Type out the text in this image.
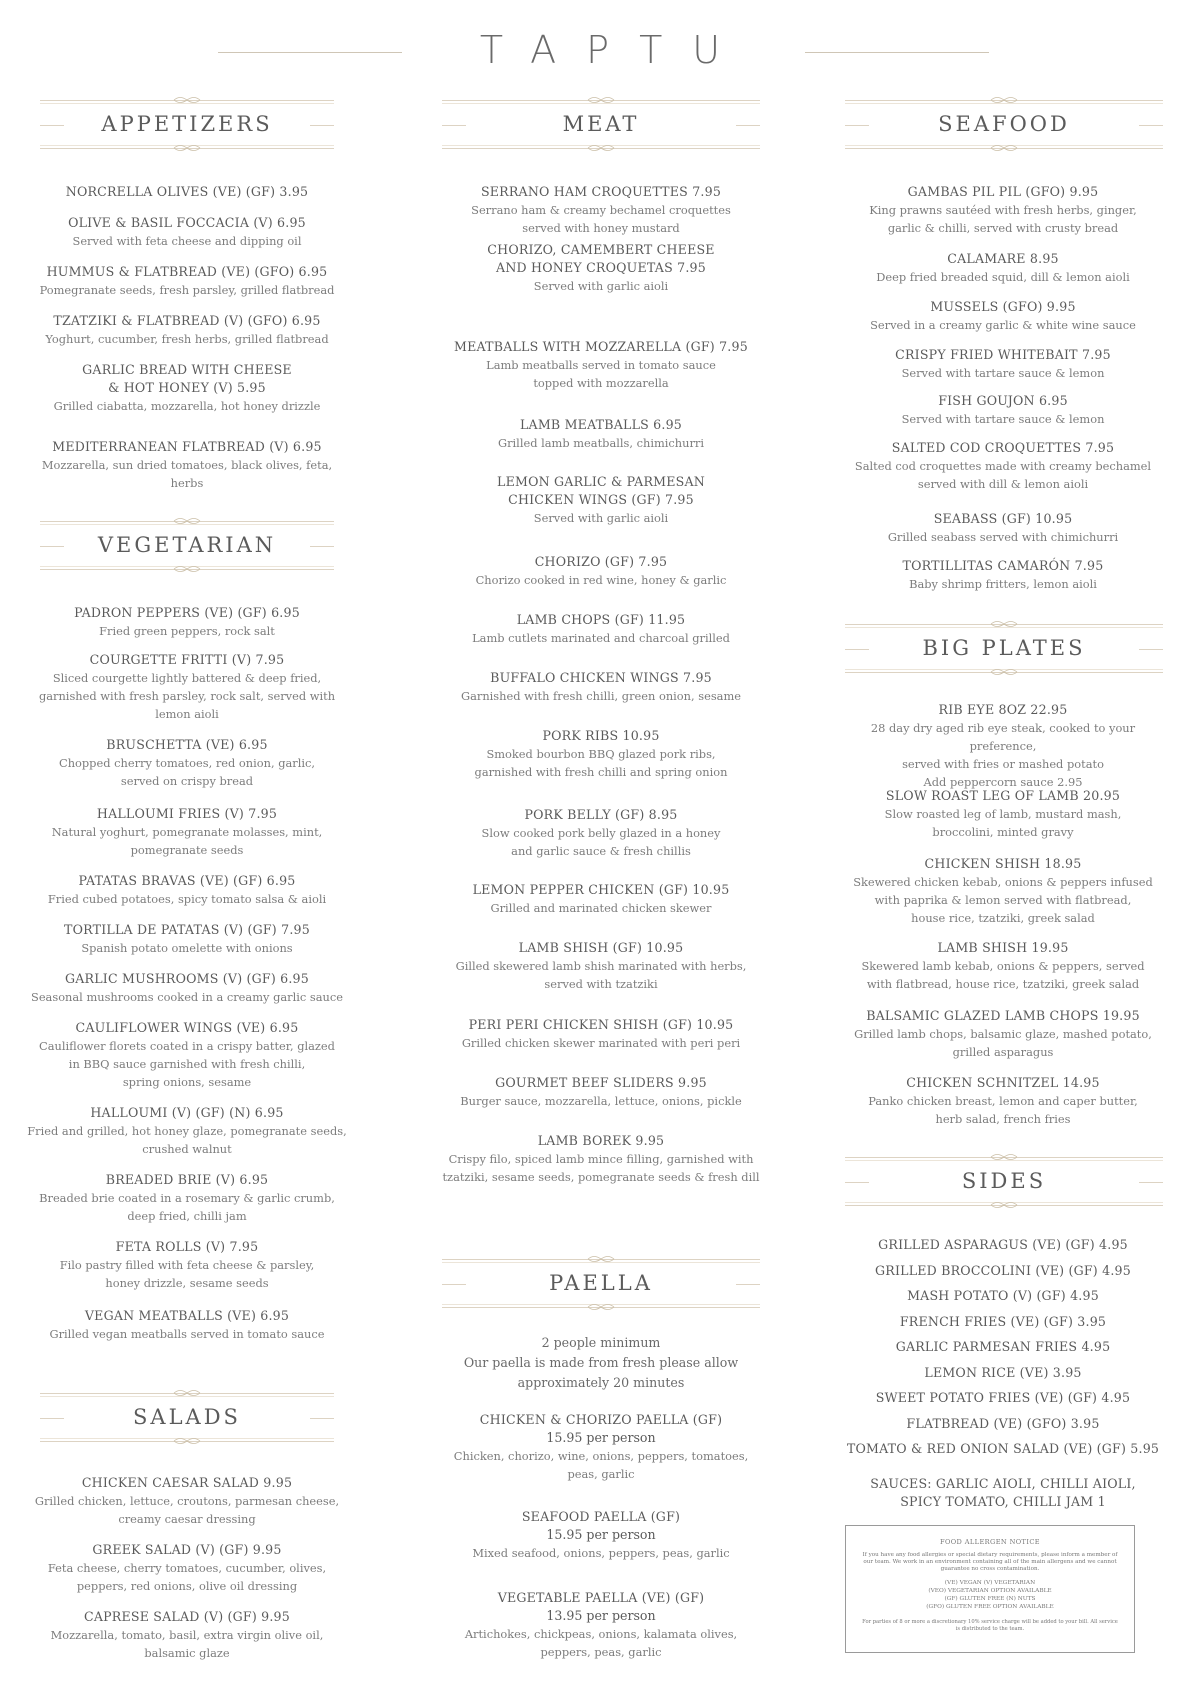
TAPTU
APPETIZERS
NORCRELLA OLIVES (VE) (GF) 3.95
OLIVE & BASIL FOCCACIA (V) 6.95
Served with feta cheese and dipping oil
HUMMUS & FLATBREAD (VE) (GFO) 6.95
Pomegranate seeds, fresh parsley, grilled flatbread
TZATZIKI & FLATBREAD (V) (GFO) 6.95
Yoghurt, cucumber, fresh herbs, grilled flatbread
GARLIC BREAD WITH CHEESE
& HOT HONEY (V) 5.95
Grilled ciabatta, mozzarella, hot honey drizzle
MEDITERRANEAN FLATBREAD (V) 6.95
Mozzarella, sun dried tomatoes, black olives, feta, herbs
VEGETARIAN
PADRON PEPPERS (VE) (GF) 6.95
Fried green peppers, rock salt
COURGETTE FRITTI (V) 7.95
Sliced courgette lightly battered & deep fried,
garnished with fresh parsley, rock salt, served with
lemon aioli
BRUSCHETTA (VE) 6.95
Chopped cherry tomatoes, red onion, garlic,
served on crispy bread
HALLOUMI FRIES (V) 7.95
Natural yoghurt, pomegranate molasses, mint,
pomegranate seeds
PATATAS BRAVAS (VE) (GF) 6.95
Fried cubed potatoes, spicy tomato salsa & aioli
TORTILLA DE PATATAS (V) (GF) 7.95
Spanish potato omelette with onions
GARLIC MUSHROOMS (V) (GF) 6.95
Seasonal mushrooms cooked in a creamy garlic sauce
CAULIFLOWER WINGS (VE) 6.95
Cauliflower florets coated in a crispy batter, glazed
in BBQ sauce garnished with fresh chilli,
spring onions, sesame
HALLOUMI (V) (GF) (N) 6.95
Fried and grilled, hot honey glaze, pomegranate seeds,
crushed walnut
BREADED BRIE (V) 6.95
Breaded brie coated in a rosemary & garlic crumb,
deep fried, chilli jam
FETA ROLLS (V) 7.95
Filo pastry filled with feta cheese & parsley,
honey drizzle, sesame seeds
VEGAN MEATBALLS (VE) 6.95
Grilled vegan meatballs served in tomato sauce
SALADS
CHICKEN CAESAR SALAD 9.95
Grilled chicken, lettuce, croutons, parmesan cheese,
creamy caesar dressing
GREEK SALAD (V) (GF) 9.95
Feta cheese, cherry tomatoes, cucumber, olives,
peppers, red onions, olive oil dressing
CAPRESE SALAD (V) (GF) 9.95
Mozzarella, tomato, basil, extra virgin olive oil,
balsamic glaze
MEAT
SERRANO HAM CROQUETTES 7.95
Serrano ham & creamy bechamel croquettes
served with honey mustard
CHORIZO, CAMEMBERT CHEESE
AND HONEY CROQUETAS 7.95
Served with garlic aioli
MEATBALLS WITH MOZZARELLA (GF) 7.95
Lamb meatballs served in tomato sauce
topped with mozzarella
LAMB MEATBALLS 6.95
Grilled lamb meatballs, chimichurri
LEMON GARLIC & PARMESAN
CHICKEN WINGS (GF) 7.95
Served with garlic aioli
CHORIZO (GF) 7.95
Chorizo cooked in red wine, honey & garlic
LAMB CHOPS (GF) 11.95
Lamb cutlets marinated and charcoal grilled
BUFFALO CHICKEN WINGS 7.95
Garnished with fresh chilli, green onion, sesame
PORK RIBS 10.95
Smoked bourbon BBQ glazed pork ribs,
garnished with fresh chilli and spring onion
PORK BELLY (GF) 8.95
Slow cooked pork belly glazed in a honey
and garlic sauce & fresh chillis
LEMON PEPPER CHICKEN (GF) 10.95
Grilled and marinated chicken skewer
LAMB SHISH (GF) 10.95
Gilled skewered lamb shish marinated with herbs,
served with tzatziki
PERI PERI CHICKEN SHISH (GF) 10.95
Grilled chicken skewer marinated with peri peri
GOURMET BEEF SLIDERS 9.95
Burger sauce, mozzarella, lettuce, onions, pickle
LAMB BOREK 9.95
Crispy filo, spiced lamb mince filling, garnished with
tzatziki, sesame seeds, pomegranate seeds & fresh dill
PAELLA
2 people minimum
Our paella is made from fresh please allow
approximately 20 minutes
CHICKEN & CHORIZO PAELLA (GF)
15.95 per person
Chicken, chorizo, wine, onions, peppers, tomatoes,
peas, garlic
SEAFOOD PAELLA (GF)
15.95 per person
Mixed seafood, onions, peppers, peas, garlic
VEGETABLE PAELLA (VE) (GF)
13.95 per person
Artichokes, chickpeas, onions, kalamata olives,
peppers, peas, garlic
SEAFOOD
GAMBAS PIL PIL (GFO) 9.95
King prawns sautéed with fresh herbs, ginger,
garlic & chilli, served with crusty bread
CALAMARE 8.95
Deep fried breaded squid, dill & lemon aioli
MUSSELS (GFO) 9.95
Served in a creamy garlic & white wine sauce
CRISPY FRIED WHITEBAIT 7.95
Served with tartare sauce & lemon
FISH GOUJON 6.95
Served with tartare sauce & lemon
SALTED COD CROQUETTES 7.95
Salted cod croquettes made with creamy bechamel
served with dill & lemon aioli
SEABASS (GF) 10.95
Grilled seabass served with chimichurri
TORTILLITAS CAMARÓN 7.95
Baby shrimp fritters, lemon aioli
BIG PLATES
RIB EYE 8OZ 22.95
28 day dry aged rib eye steak, cooked to your preference,
served with fries or mashed potato
Add peppercorn sauce 2.95
SLOW ROAST LEG OF LAMB 20.95
Slow roasted leg of lamb, mustard mash,
broccolini, minted gravy
CHICKEN SHISH 18.95
Skewered chicken kebab, onions & peppers infused
with paprika & lemon served with flatbread,
house rice, tzatziki, greek salad
LAMB SHISH 19.95
Skewered lamb kebab, onions & peppers, served
with flatbread, house rice, tzatziki, greek salad
BALSAMIC GLAZED LAMB CHOPS 19.95
Grilled lamb chops, balsamic glaze, mashed potato,
grilled asparagus
CHICKEN SCHNITZEL 14.95
Panko chicken breast, lemon and caper butter,
herb salad, french fries
SIDES
GRILLED ASPARAGUS (VE) (GF) 4.95
GRILLED BROCCOLINI (VE) (GF) 4.95
MASH POTATO (V) (GF) 4.95
FRENCH FRIES (VE) (GF) 3.95
GARLIC PARMESAN FRIES 4.95
LEMON RICE (VE) 3.95
SWEET POTATO FRIES (VE) (GF) 4.95
FLATBREAD (VE) (GFO) 3.95
TOMATO & RED ONION SALAD (VE) (GF) 5.95
SAUCES: GARLIC AIOLI, CHILLI AIOLI,
SPICY TOMATO, CHILLI JAM 1
FOOD ALLERGEN NOTICE
If you have any food allergies or special dietary requirements, please inform a member of our team. We work in an environment containing all of the main allergens and we cannot guarantee no cross contamination.
(VE) VEGAN (V) VEGETARIAN
(VEO) VEGETARIAN OPTION AVAILABLE
(GF) GLUTEN FREE (N) NUTS
(GFO) GLUTEN FREE OPTION AVAILABLE
For parties of 8 or more a discretionary 10% service charge will be added to your bill. All service is distributed to the team.
